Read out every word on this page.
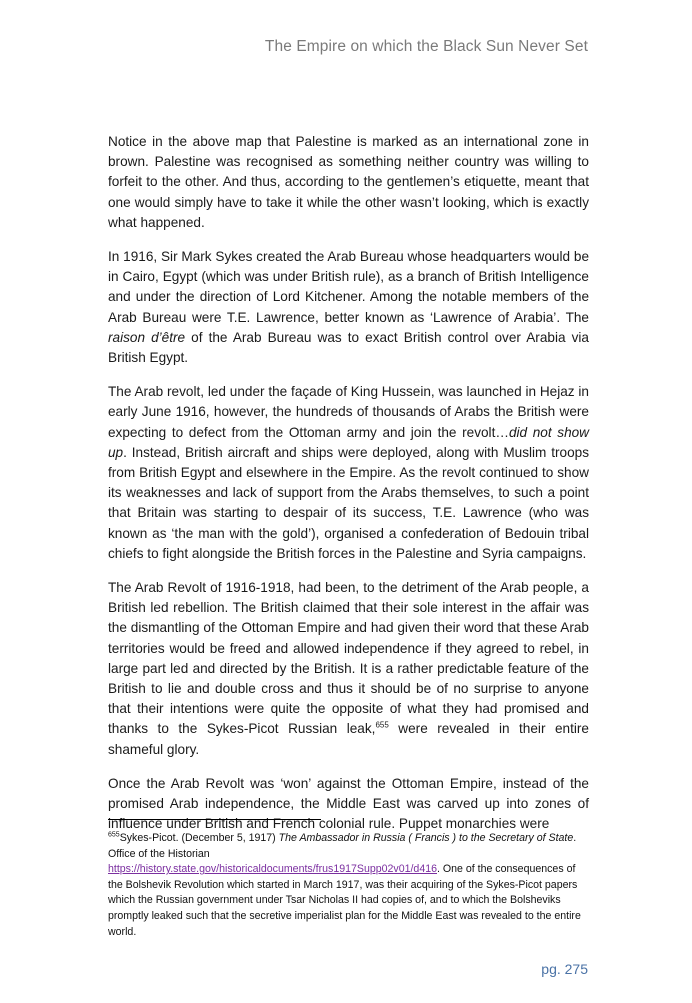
The Empire on which the Black Sun Never Set

Notice in the above map that Palestine is marked as an international zone in brown. Palestine was recognised as something neither country was willing to forfeit to the other. And thus, according to the gentlemen’s etiquette, meant that one would simply have to take it while the other wasn’t looking, which is exactly what happened.

In 1916, Sir Mark Sykes created the Arab Bureau whose headquarters would be in Cairo, Egypt (which was under British rule), as a branch of British Intelligence and under the direction of Lord Kitchener. Among the notable members of the Arab Bureau were T.E. Lawrence, better known as ‘Lawrence of Arabia’. The raison d’être of the Arab Bureau was to exact British control over Arabia via British Egypt.

The Arab revolt, led under the façade of King Hussein, was launched in Hejaz in early June 1916, however, the hundreds of thousands of Arabs the British were expecting to defect from the Ottoman army and join the revolt…did not show up. Instead, British aircraft and ships were deployed, along with Muslim troops from British Egypt and elsewhere in the Empire. As the revolt continued to show its weaknesses and lack of support from the Arabs themselves, to such a point that Britain was starting to despair of its success, T.E. Lawrence (who was known as ‘the man with the gold’), organised a confederation of Bedouin tribal chiefs to fight alongside the British forces in the Palestine and Syria campaigns.

The Arab Revolt of 1916-1918, had been, to the detriment of the Arab people, a British led rebellion. The British claimed that their sole interest in the affair was the dismantling of the Ottoman Empire and had given their word that these Arab territories would be freed and allowed independence if they agreed to rebel, in large part led and directed by the British. It is a rather predictable feature of the British to lie and double cross and thus it should be of no surprise to anyone that their intentions were quite the opposite of what they had promised and thanks to the Sykes-Picot Russian leak,$^{655}$ were revealed in their entire shameful glory.

Once the Arab Revolt was ‘won’ against the Ottoman Empire, instead of the promised Arab independence, the Middle East was carved up into zones of influence under British and French colonial rule. Puppet monarchies were

$^{655}$Sykes-Picot. (December 5, 1917) The Ambassador in Russia ( Francis ) to the Secretary of State. Office of the Historian
https://history.state.gov/historicaldocuments/frus1917Supp02v01/d416. One of the consequences of the Bolshevik Revolution which started in March 1917, was their acquiring of the Sykes-Picot papers which the Russian government under Tsar Nicholas II had copies of, and to which the Bolsheviks promptly leaked such that the secretive imperialist plan for the Middle East was revealed to the entire world.
pg. 275
